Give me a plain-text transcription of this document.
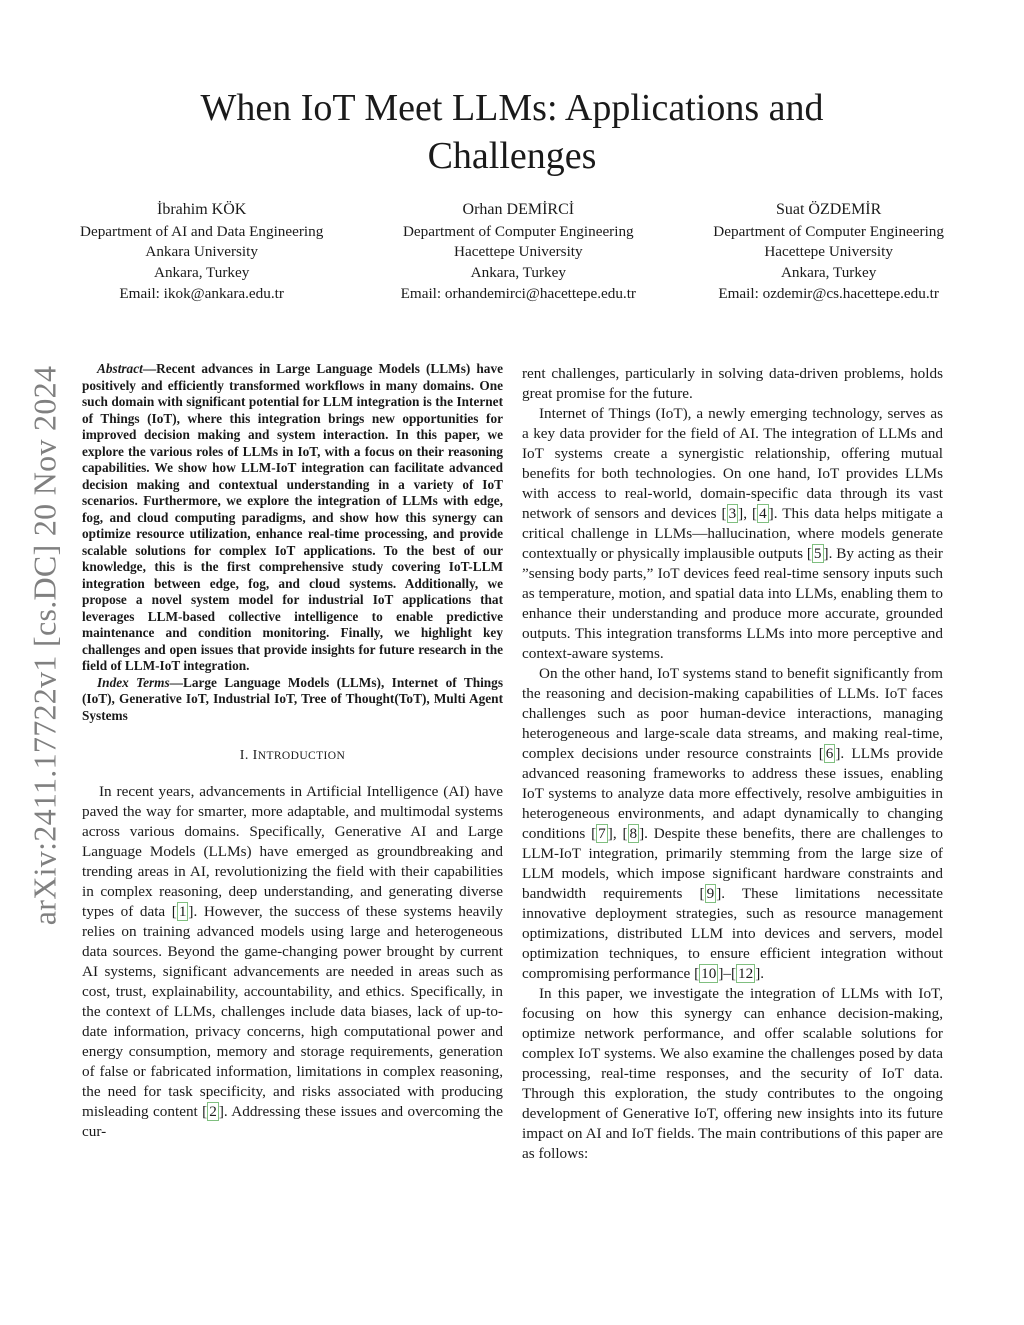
arXiv:2411.17722v1 [cs.DC] 20 Nov 2024
When IoT Meet LLMs: Applications and Challenges
İbrahim KÖK
Department of AI and Data Engineering
Ankara University
Ankara, Turkey
Email: ikok@ankara.edu.tr
Orhan DEMİRCİ
Department of Computer Engineering
Hacettepe University
Ankara, Turkey
Email: orhandemirci@hacettepe.edu.tr
Suat ÖZDEMİR
Department of Computer Engineering
Hacettepe University
Ankara, Turkey
Email: ozdemir@cs.hacettepe.edu.tr

Abstract—Recent advances in Large Language Models (LLMs) have positively and efficiently transformed workflows in many domains. One such domain with significant potential for LLM integration is the Internet of Things (IoT), where this integration brings new opportunities for improved decision making and system interaction. In this paper, we explore the various roles of LLMs in IoT, with a focus on their reasoning capabilities. We show how LLM-IoT integration can facilitate advanced decision making and contextual understanding in a variety of IoT scenarios. Furthermore, we explore the integration of LLMs with edge, fog, and cloud computing paradigms, and show how this synergy can optimize resource utilization, enhance real-time processing, and provide scalable solutions for complex IoT applications. To the best of our knowledge, this is the first comprehensive study covering IoT-LLM integration between edge, fog, and cloud systems. Additionally, we propose a novel system model for industrial IoT applications that leverages LLM-based collective intelligence to enable predictive maintenance and condition monitoring. Finally, we highlight key challenges and open issues that provide insights for future research in the field of LLM-IoT integration.

Index Terms—Large Language Models (LLMs), Internet of Things (IoT), Generative IoT, Industrial IoT, Tree of Thought(ToT), Multi Agent Systems

I. INTRODUCTION

In recent years, advancements in Artificial Intelligence (AI) have paved the way for smarter, more adaptable, and multimodal systems across various domains. Specifically, Generative AI and Large Language Models (LLMs) have emerged as groundbreaking and trending areas in AI, revolutionizing the field with their capabilities in complex reasoning, deep understanding, and generating diverse types of data [ 1 ]. However, the success of these systems heavily relies on training advanced models using large and heterogeneous data sources. Beyond the game-changing power brought by current AI systems, significant advancements are needed in areas such as cost, trust, explainability, accountability, and ethics. Specifically, in the context of LLMs, challenges include data biases, lack of up-to-date information, privacy concerns, high computational power and energy consumption, memory and storage requirements, generation of false or fabricated information, limitations in complex reasoning, the need for task specificity, and risks associated with producing misleading content [ 2 ]. Addressing these issues and overcoming the cur-

rent challenges, particularly in solving data-driven problems, holds great promise for the future.

Internet of Things (IoT), a newly emerging technology, serves as a key data provider for the field of AI. The integration of LLMs and IoT systems create a synergistic relationship, offering mutual benefits for both technologies. On one hand, IoT provides LLMs with access to real-world, domain-specific data through its vast network of sensors and devices [ 3 ], [ 4 ]. This data helps mitigate a critical challenge in LLMs—hallucination, where models generate contextually or physically implausible outputs [ 5 ]. By acting as their ”sensing body parts,” IoT devices feed real-time sensory inputs such as temperature, motion, and spatial data into LLMs, enabling them to enhance their understanding and produce more accurate, grounded outputs. This integration transforms LLMs into more perceptive and context-aware systems.

On the other hand, IoT systems stand to benefit significantly from the reasoning and decision-making capabilities of LLMs. IoT faces challenges such as poor human-device interactions, managing heterogeneous and large-scale data streams, and making real-time, complex decisions under resource constraints [ 6 ]. LLMs provide advanced reasoning frameworks to address these issues, enabling IoT systems to analyze data more effectively, resolve ambiguities in heterogeneous environments, and adapt dynamically to changing conditions [ 7 ], [ 8 ]. Despite these benefits, there are challenges to LLM-IoT integration, primarily stemming from the large size of LLM models, which impose significant hardware constraints and bandwidth requirements [ 9 ]. These limitations necessitate innovative deployment strategies, such as resource management optimizations, distributed LLM into devices and servers, model optimization techniques, to ensure efficient integration without compromising performance [ 10 ]–[ 12 ].

In this paper, we investigate the integration of LLMs with IoT, focusing on how this synergy can enhance decision-making, optimize network performance, and offer scalable solutions for complex IoT systems. We also examine the challenges posed by data processing, real-time responses, and the security of IoT data. Through this exploration, the study contributes to the ongoing development of Generative IoT, offering new insights into its future impact on AI and IoT fields. The main contributions of this paper are as follows:
